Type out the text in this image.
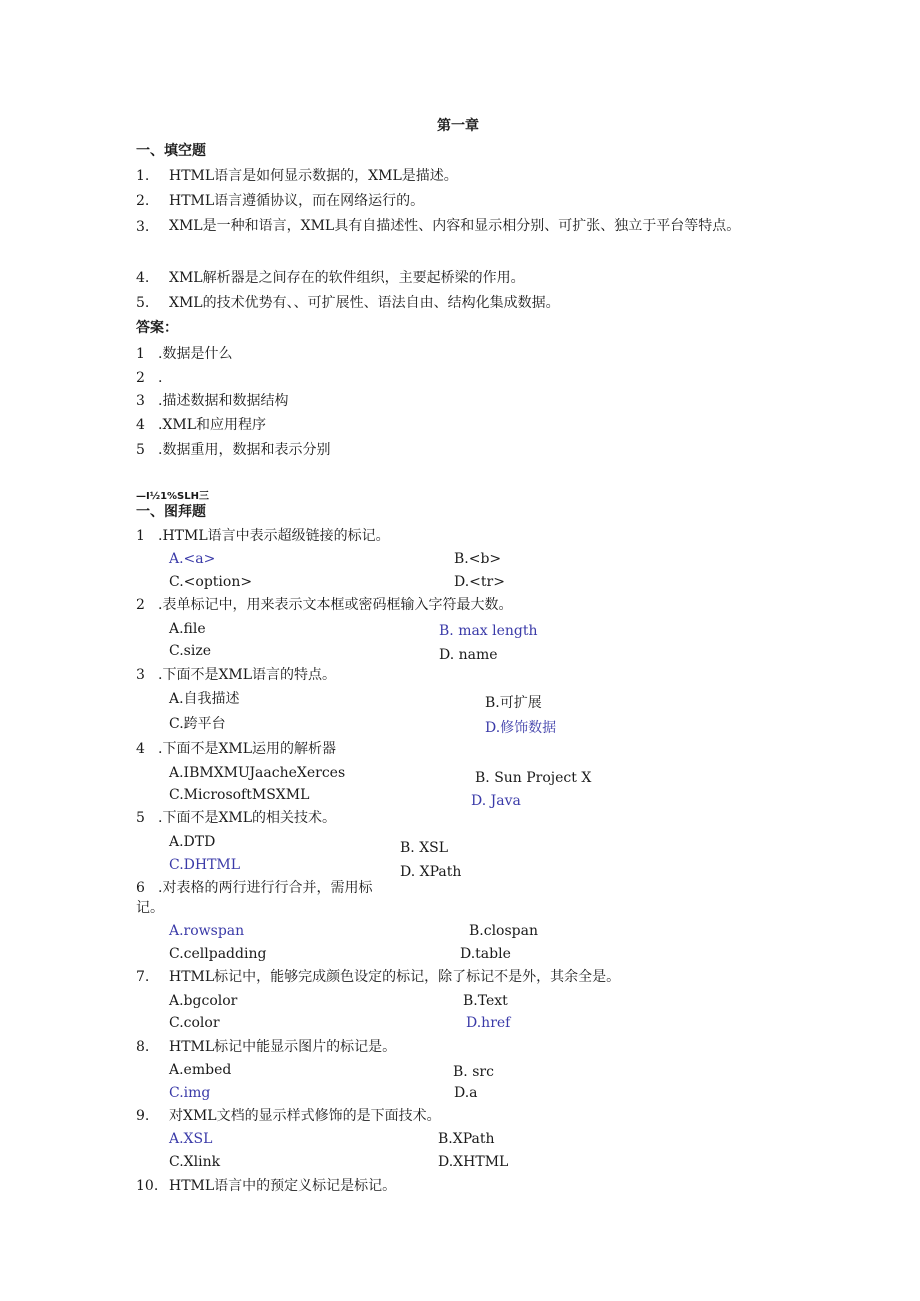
第一章
一、填空题
1. HTML语言是如何显示数据的，XML是描述。
2. HTML语言遵循协议，而在网络运行的。
3. XML是一种和语言，XML具有自描述性、内容和显示相分别、可扩张、独立于平台等特点。
4. XML解析器是之间存在的软件组织，主要起桥梁的作用。
5. XML的技术优势有、、可扩展性、语法自由、结构化集成数据。
答案：
1 .数据是什么
2 .
3 .描述数据和数据结构
4 .XML和应用程序
5 .数据重用，数据和表示分别
—I½1%SLH三
一、图拜题
1 .HTML语言中表示超级链接的标记。
A.<a>	B.<b>
C.<option>	D.<tr>
2 .表单标记中，用来表示文本框或密码框输入字符最大数。
A.file	B. max length
C.size	D. name
3 .下面不是XML语言的特点。
A.自我描述	B.可扩展
C.跨平台	D.修饰数据
4 .下面不是XML运用的解析器
A.IBMXMUJaacheXerces	B. Sun Project X
C.MicrosoftMSXML	D. Java
5 .下面不是XML的相关技术。
A.DTD	B. XSL
C.DHTML	D. XPath
6 .对表格的两行进行行合并，需用标
记。
A.rowspan	B.clospan
C.cellpadding	D.table
7. HTML标记中，能够完成颜色设定的标记，除了标记不是外，其余全是。
A.bgcolor	B.Text
C.color	D.href
8. HTML标记中能显示图片的标记是。
A.embed	B. src
C.img	D.a
9. 对XML文档的显示样式修饰的是下面技术。
A.XSL	B.XPath
C.Xlink	D.XHTML
10. HTML语言中的预定义标记是标记。
